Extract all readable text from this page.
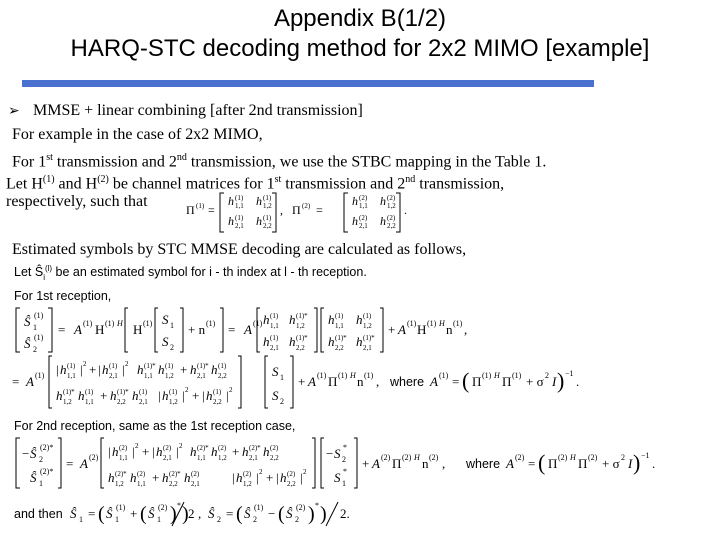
Appendix B(1/2)
HARQ-STC decoding method for 2x2 MIMO [example]
➢ MMSE + linear combining [after 2nd transmission]
For example in the case of 2x2 MIMO,
For 1st transmission and 2nd transmission, we use the STBC mapping in the Table 1.
Let $H^{(1)}$ and $H^{(2)}$ be channel matrices for 1st transmission and 2nd transmission,
respectively, such that
Estimated symbols by STC MMSE decoding are calculated as follows,
Π (1) =
h (1)
1,1 h (1)
1,2
h (1)
2,1 h (1)
2,2
, Π (2) =
h (2)
1,1 h (2)
1,2
h (2)
2,1 h (2)
2,2
.
Let $Ŝ_i^{(l)}$ be an estimated symbol for i - th index at l - th reception.
For 1st reception,
For 2nd reception, same as the 1st reception case,
Ŝ 1
(1)
Ŝ 2
(1)
= A (1) H (1) H H (1) S 1
S 2
+ n (1) = A (1) h (1)
1,1 h (1)*
1,2
h (1)
2,1 h (1)*
2,2
h (1)
1,1 h (1)
1,2
h (1)*
2,2 h (1)*
2,1
+ A (1) H (1) H n (1) ,
= A (1) | h (1)
1,1 | 2 + | h (1)
2,1 | 2 h (1)*
1,1 h (1)
1,2 + h (1)*
2,1 h (1)
2,2
h (1)*
1,2 h (1)
1,1 + h (1)*
2,2 h (1)
2,1 | h (1)
1,2 | 2 + | h (1)
2,2 | 2
S 1
S 2
+ A (1) Π (1) H n (1) , where A (1) = ( Π (1) H Π (1) + σ 2 I ) −1
.
− Ŝ 2
(2)*
Ŝ 1
(2)*
= A (2) | h (2)
1,1 | 2 + | h (2)
2,1 | 2 h (2)*
1,1 h (2)
1,2 + h (2)*
2,1 h (2)
2,2
h (2)*
1,2 h (2)
1,1 + h (2)*
2,2 h (2)
2,1 | h (2)
1,2 | 2 + | h (2)
2,2 | 2
− S 2
*
S 1
*
+ A (2) Π (2) H n (2) , where A (2) = ( Π (2) H Π (2) + σ 2 I ) −1
.
and then Ŝ 1 = ( Ŝ 1
(1) + ( Ŝ 1
(2) ) * ) 2 , Ŝ 2 = ( Ŝ 2
(1) − ( Ŝ 2
(2) ) * ) 2.
